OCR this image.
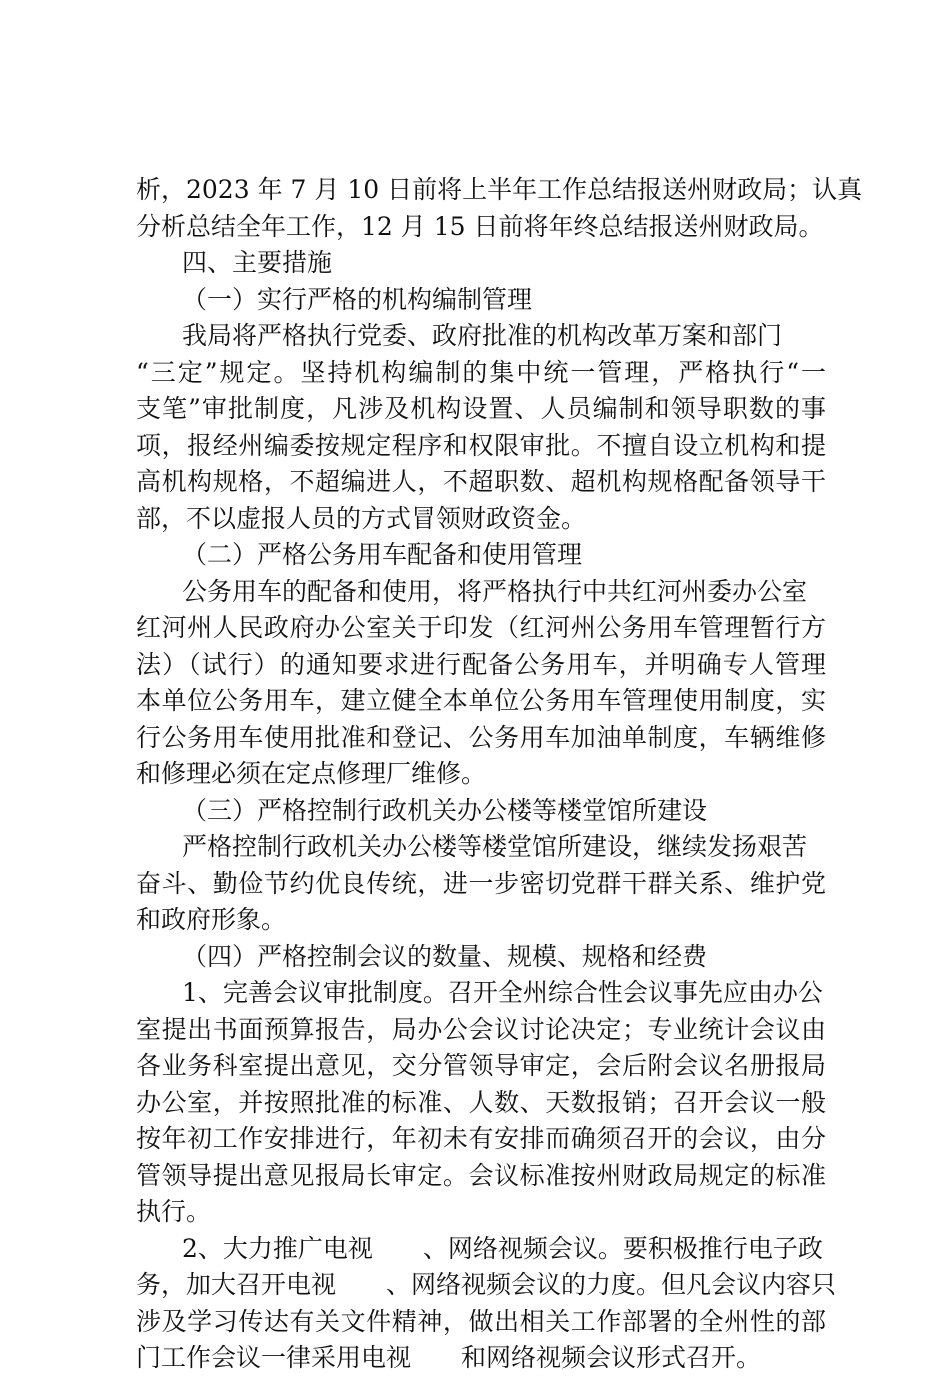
析，2023 年 7 月 10 日前将上半年工作总结报送州财政局；认真
分析总结全年工作，12 月 15 日前将年终总结报送州财政局。
四、主要措施
（一）实行严格的机构编制管理
我局将严格执行党委、政府批准的机构改革万案和部门
“三定”规定。坚持机构编制的集中统一管理，严格执行“一
支笔”审批制度，凡涉及机构设置、人员编制和领导职数的事
项，报经州编委按规定程序和权限审批。不擅自设立机构和提
高机构规格，不超编进人，不超职数、超机构规格配备领导干
部，不以虚报人员的方式冒领财政资金。
（二）严格公务用车配备和使用管理
公务用车的配备和使用，将严格执行中共红河州委办公室
红河州人民政府办公室关于印发（红河州公务用车管理暂行方
法）（试行）的通知要求进行配备公务用车，并明确专人管理
本单位公务用车，建立健全本单位公务用车管理使用制度，实
行公务用车使用批准和登记、公务用车加油单制度，车辆维修
和修理必须在定点修理厂维修。
（三）严格控制行政机关办公楼等楼堂馆所建设
严格控制行政机关办公楼等楼堂馆所建设，继续发扬艰苦
奋斗、勤俭节约优良传统，进一步密切党群干群关系、维护党
和政府形象。
（四）严格控制会议的数量、规模、规格和经费
1、完善会议审批制度。召开全州综合性会议事先应由办公
室提出书面预算报告，局办公会议讨论决定；专业统计会议由
各业务科室提出意见，交分管领导审定，会后附会议名册报局
办公室，并按照批准的标准、人数、天数报销；召开会议一般
按年初工作安排进行，年初未有安排而确须召开的会议，由分
管领导提出意见报局长审定。会议标准按州财政局规定的标准
执行。
2、大力推广电视　　、网络视频会议。要积极推行电子政
务，加大召开电视　　、网络视频会议的力度。但凡会议内容只
涉及学习传达有关文件精神，做出相关工作部署的全州性的部
门工作会议一律采用电视　　和网络视频会议形式召开。
